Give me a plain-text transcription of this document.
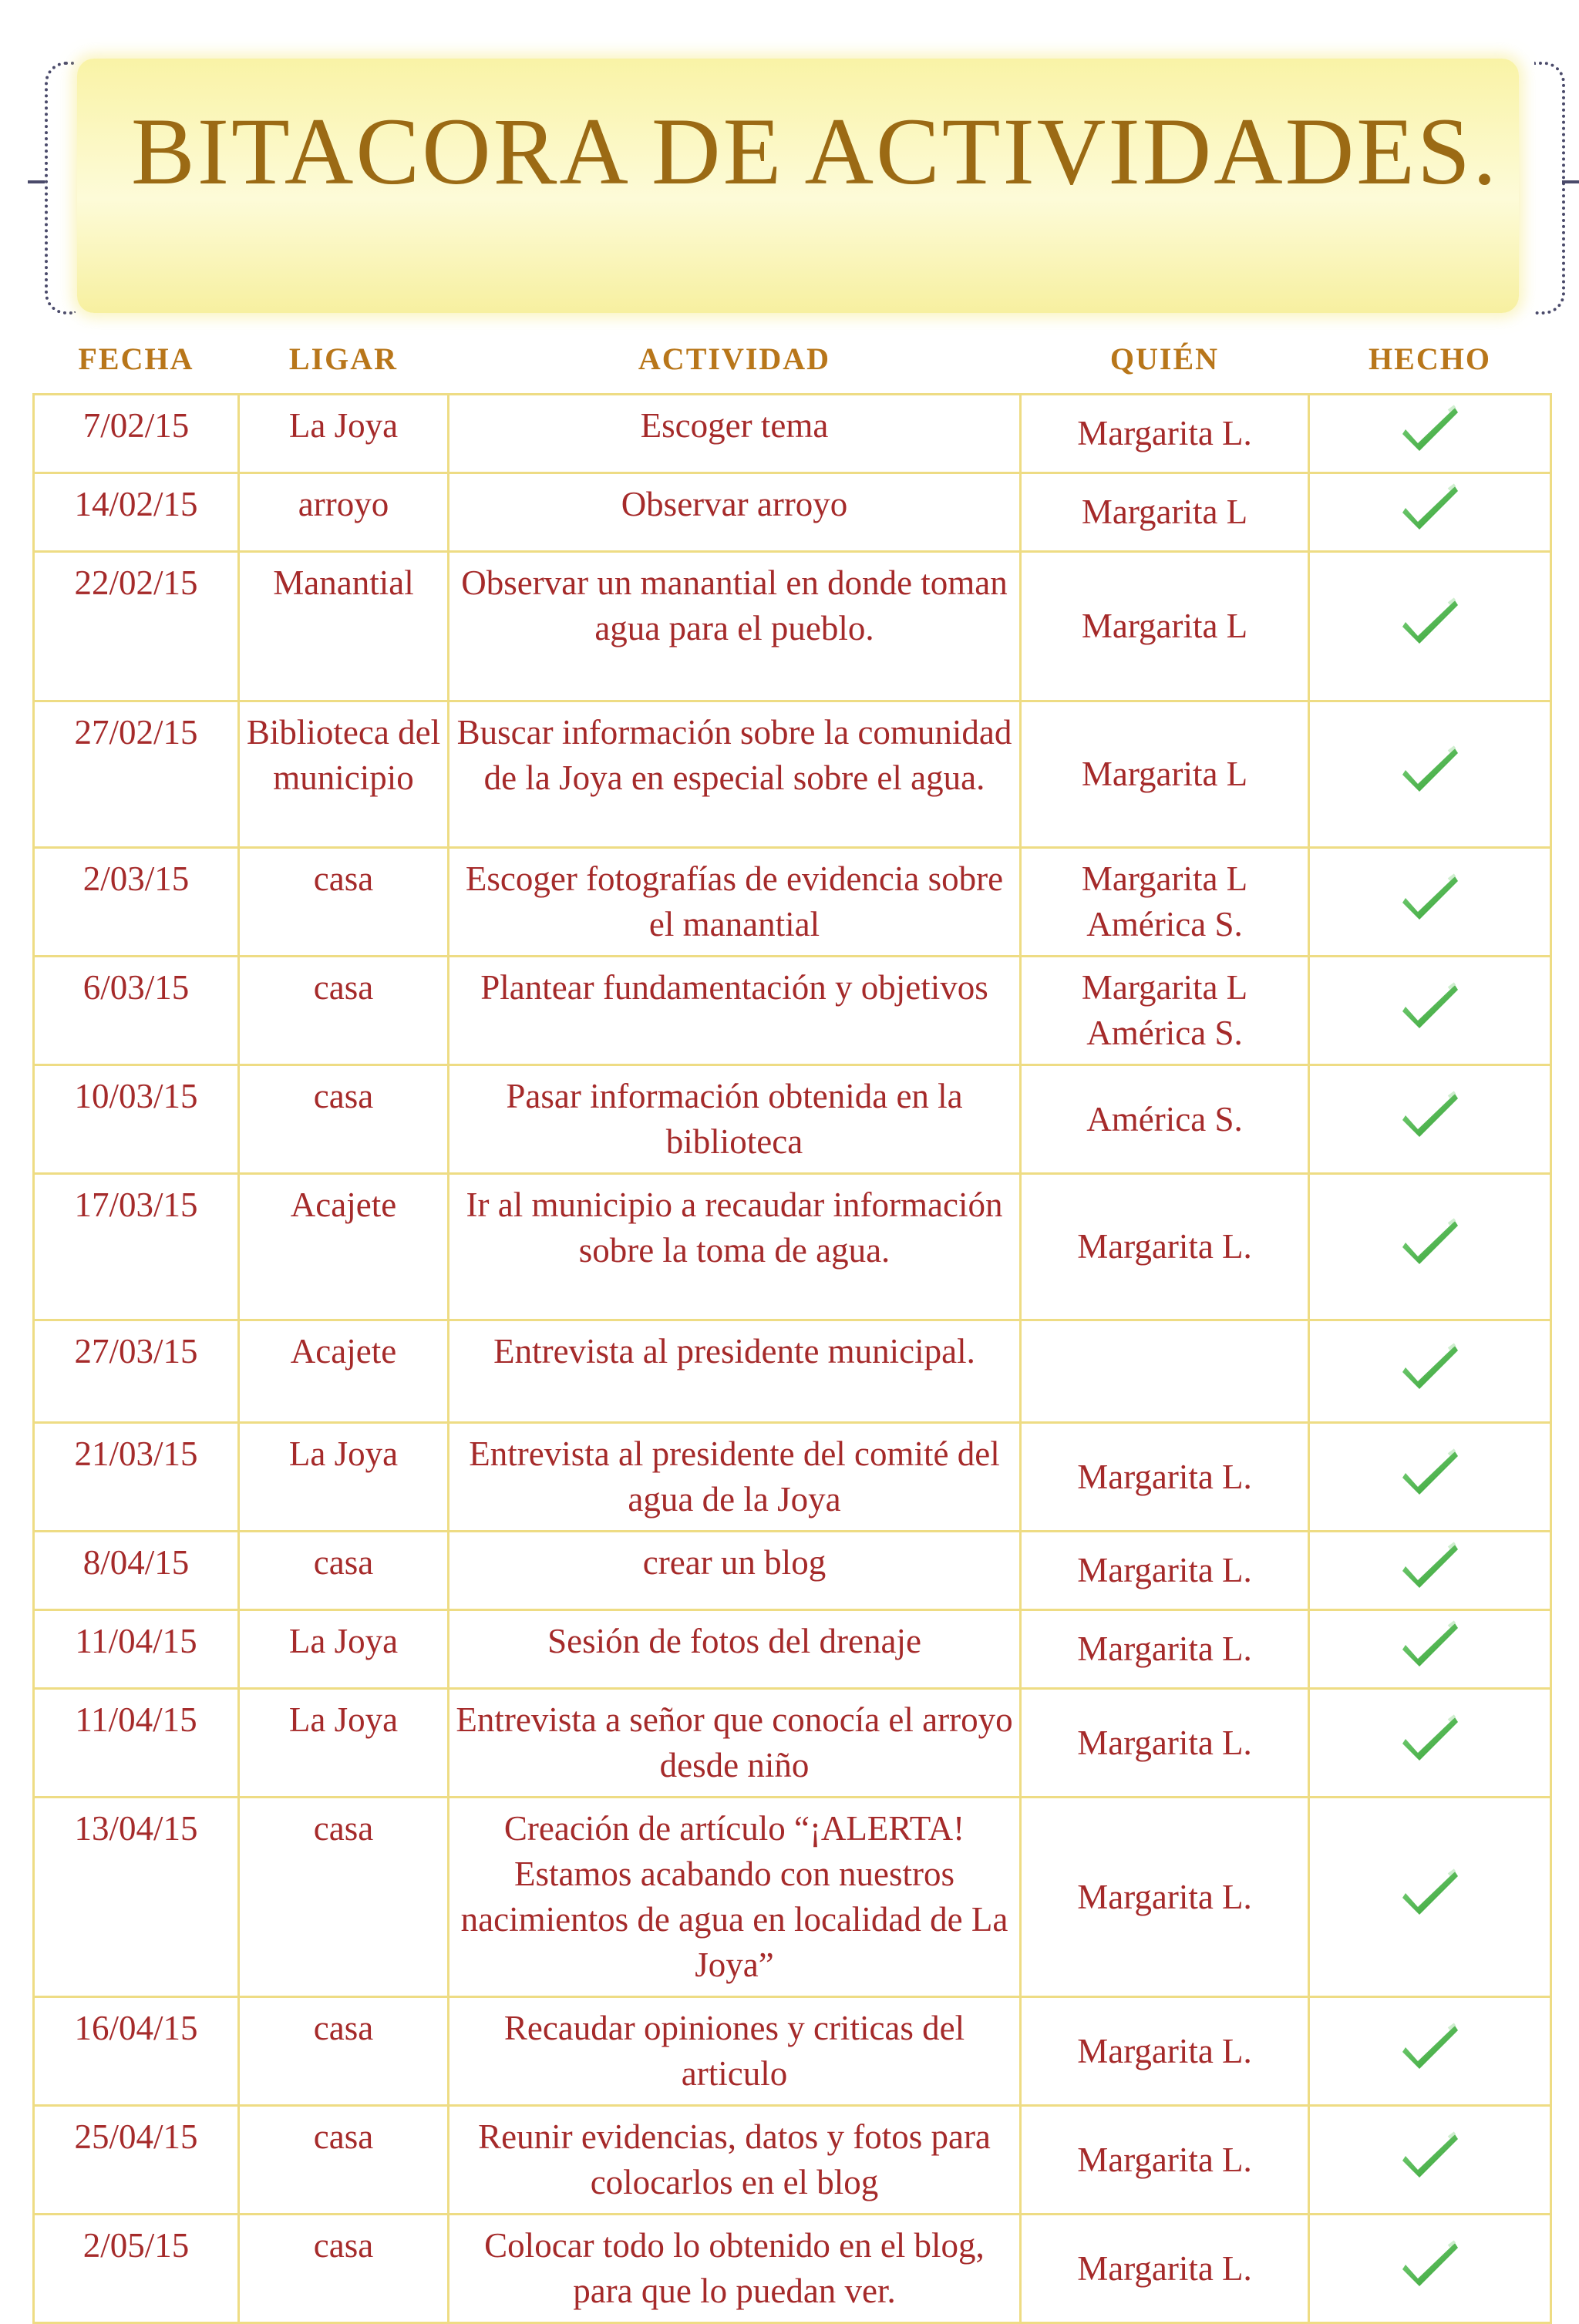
BITACORA DE ACTIVIDADES.
FECHA	LIGAR	ACTIVIDAD	QUIÉN	HECHO
7/02/15	La Joya	Escoger tema	Margarita L.	

14/02/15	arroyo	Observar arroyo	Margarita L	

22/02/15	Manantial	Observar un manantial en donde toman agua para el pueblo.	Margarita L	

27/02/15	Biblioteca del municipio	Buscar información sobre la comunidad de la Joya en especial sobre el agua.	Margarita L	

2/03/15	casa	Escoger fotografías de evidencia sobre el manantial	Margarita L
América S.	

6/03/15	casa	Plantear fundamentación y objetivos	Margarita L
América S.	

10/03/15	casa	Pasar información obtenida en la biblioteca	América S.	

17/03/15	Acajete	Ir al municipio a recaudar información sobre la toma de agua.	Margarita L.	

27/03/15	Acajete	Entrevista al presidente municipal.		

21/03/15	La Joya	Entrevista al presidente del comité del agua de la Joya	Margarita L.	

8/04/15	casa	crear un blog	Margarita L.	

11/04/15	La Joya	Sesión de fotos del drenaje	Margarita L.	

11/04/15	La Joya	Entrevista a señor que conocía el arroyo desde niño	Margarita L.	

13/04/15	casa	Creación de artículo “¡ALERTA! Estamos acabando con nuestros nacimientos de agua en localidad de La Joya”	Margarita L.	

16/04/15	casa	Recaudar opiniones y criticas del articulo	Margarita L.	

25/04/15	casa	Reunir evidencias, datos y fotos para colocarlos en el blog	Margarita L.	

2/05/15	casa	Colocar todo lo obtenido en el blog, para que lo puedan ver.	Margarita L.	
